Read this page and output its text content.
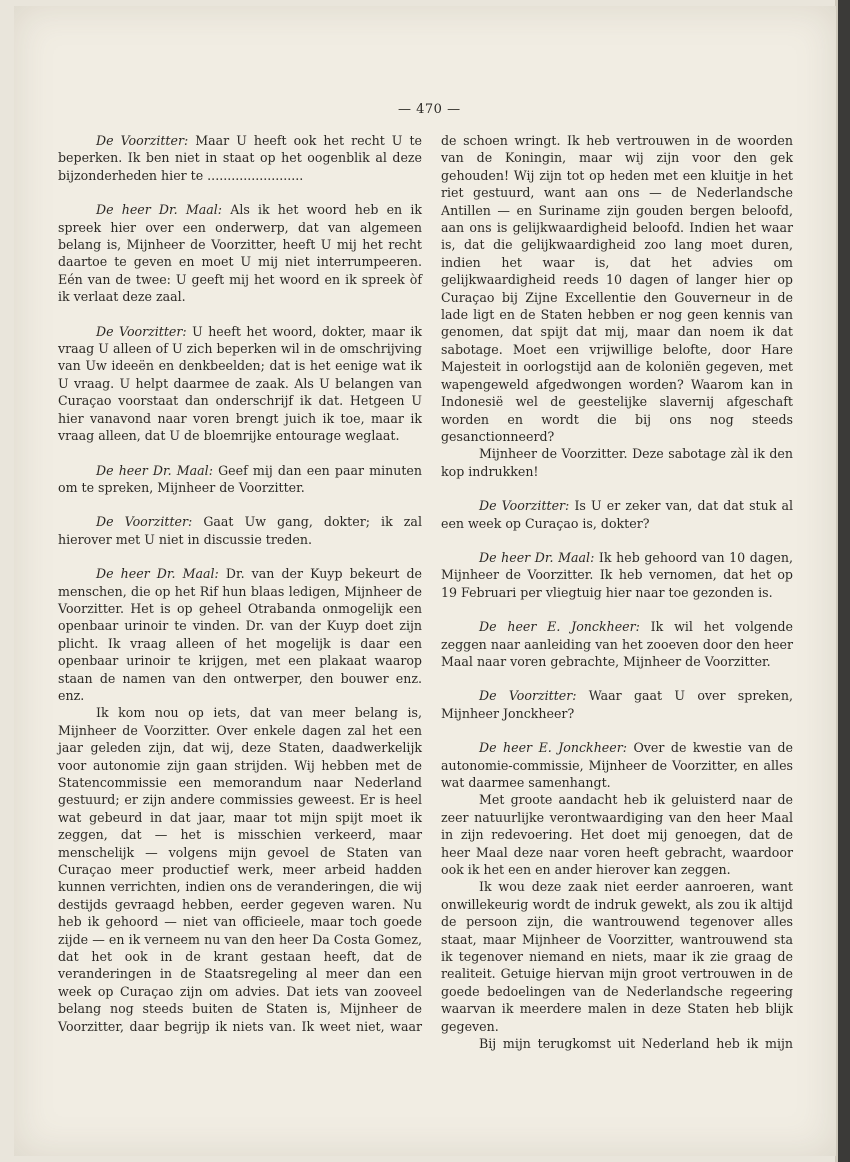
— 470 —

De Voorzitter: Maar U heeft ook het recht U te beperken. Ik ben niet in staat op het oogenblik al deze bijzonderheden hier te ........................

De heer Dr. Maal: Als ik het woord heb en ik spreek hier over een onderwerp, dat van algemeen belang is, Mijnheer de Voorzitter, heeft U mij het recht daartoe te geven en moet U mij niet interrumpeeren. Eén van de twee: U geeft mij het woord en ik spreek òf ik verlaat deze zaal.

De Voorzitter: U heeft het woord, dokter, maar ik vraag U alleen of U zich beperken wil in de omschrijving van Uw ideeën en denkbeelden; dat is het eenige wat ik U vraag. U helpt daarmee de zaak. Als U belangen van Curaçao voorstaat dan onderschrijf ik dat. Hetgeen U hier vanavond naar voren brengt juich ik toe, maar ik vraag alleen, dat U de bloemrijke entourage weglaat.

De heer Dr. Maal: Geef mij dan een paar minuten om te spreken, Mijnheer de Voorzitter.

De Voorzitter: Gaat Uw gang, dokter; ik zal hierover met U niet in discussie treden.

De heer Dr. Maal: Dr. van der Kuyp bekeurt de menschen, die op het Rif hun blaas ledigen, Mijnheer de Voorzitter. Het is op geheel Otrabanda onmogelijk een openbaar urinoir te vinden. Dr. van der Kuyp doet zijn plicht. Ik vraag alleen of het mogelijk is daar een openbaar urinoir te krijgen, met een plakaat waarop staan de namen van den ontwerper, den bouwer enz. enz.

Ik kom nou op iets, dat van meer belang is, Mijnheer de Voorzitter. Over enkele dagen zal het een jaar geleden zijn, dat wij, deze Staten, daadwerkelijk voor autonomie zijn gaan strijden. Wij hebben met de Statencommissie een memorandum naar Nederland gestuurd; er zijn andere commissies geweest. Er is heel wat gebeurd in dat jaar, maar tot mijn spijt moet ik zeggen, dat — het is misschien verkeerd, maar menschelijk — volgens mijn gevoel de Staten van Curaçao meer productief werk, meer arbeid hadden kunnen verrichten, indien ons de veranderingen, die wij destijds gevraagd hebben, eerder gegeven waren. Nu heb ik gehoord — niet van officieele, maar toch goede zijde — en ik verneem nu van den heer Da Costa Gomez, dat het ook in de krant gestaan heeft, dat de veranderingen in de Staatsregeling al meer dan een week op Curaçao zijn om advies. Dat iets van zooveel belang nog steeds buiten de Staten is, Mijnheer de Voorzitter, daar begrijp ik niets van. Ik weet niet, waar

de schoen wringt. Ik heb vertrouwen in de woorden van de Koningin, maar wij zijn voor den gek gehouden! Wij zijn tot op heden met een kluitje in het riet gestuurd, want aan ons — de Nederlandsche Antillen — en Suriname zijn gouden bergen beloofd, aan ons is gelijkwaardigheid beloofd. Indien het waar is, dat die gelijkwaardigheid zoo lang moet duren, indien het waar is, dat het advies om gelijkwaardigheid reeds 10 dagen of langer hier op Curaçao bij Zijne Excellentie den Gouverneur in de lade ligt en de Staten hebben er nog geen kennis van genomen, dat spijt dat mij, maar dan noem ik dat sabotage. Moet een vrijwillige belofte, door Hare Majesteit in oorlogstijd aan de koloniën gegeven, met wapengeweld afgedwongen worden? Waarom kan in Indonesië wel de geestelijke slavernij afgeschaft worden en wordt die bij ons nog steeds gesanctionneerd?

Mijnheer de Voorzitter. Deze sabotage zàl ik den kop indrukken!

De Voorzitter: Is U er zeker van, dat dat stuk al een week op Curaçao is, dokter?

De heer Dr. Maal: Ik heb gehoord van 10 dagen, Mijnheer de Voorzitter. Ik heb vernomen, dat het op 19 Februari per vliegtuig hier naar toe gezonden is.

De heer E. Jonckheer: Ik wil het volgende zeggen naar aanleiding van het zooeven door den heer Maal naar voren gebrachte, Mijnheer de Voorzitter.

De Voorzitter: Waar gaat U over spreken, Mijnheer Jonckheer?

De heer E. Jonckheer: Over de kwestie van de autonomie-commissie, Mijnheer de Voorzitter, en alles wat daarmee samenhangt.

Met groote aandacht heb ik geluisterd naar de zeer natuurlijke verontwaardiging van den heer Maal in zijn redevoering. Het doet mij genoegen, dat de heer Maal deze naar voren heeft gebracht, waardoor ook ik het een en ander hierover kan zeggen.

Ik wou deze zaak niet eerder aanroeren, want onwillekeurig wordt de indruk gewekt, als zou ik altijd de persoon zijn, die wantrouwend tegenover alles staat, maar Mijnheer de Voorzitter, wantrouwend sta ik tegenover niemand en niets, maar ik zie graag de realiteit. Getuige hiervan mijn groot vertrouwen in de goede bedoelingen van de Nederlandsche regeering waarvan ik meerdere malen in deze Staten heb blijk gegeven.

Bij mijn terugkomst uit Nederland heb ik mijn
